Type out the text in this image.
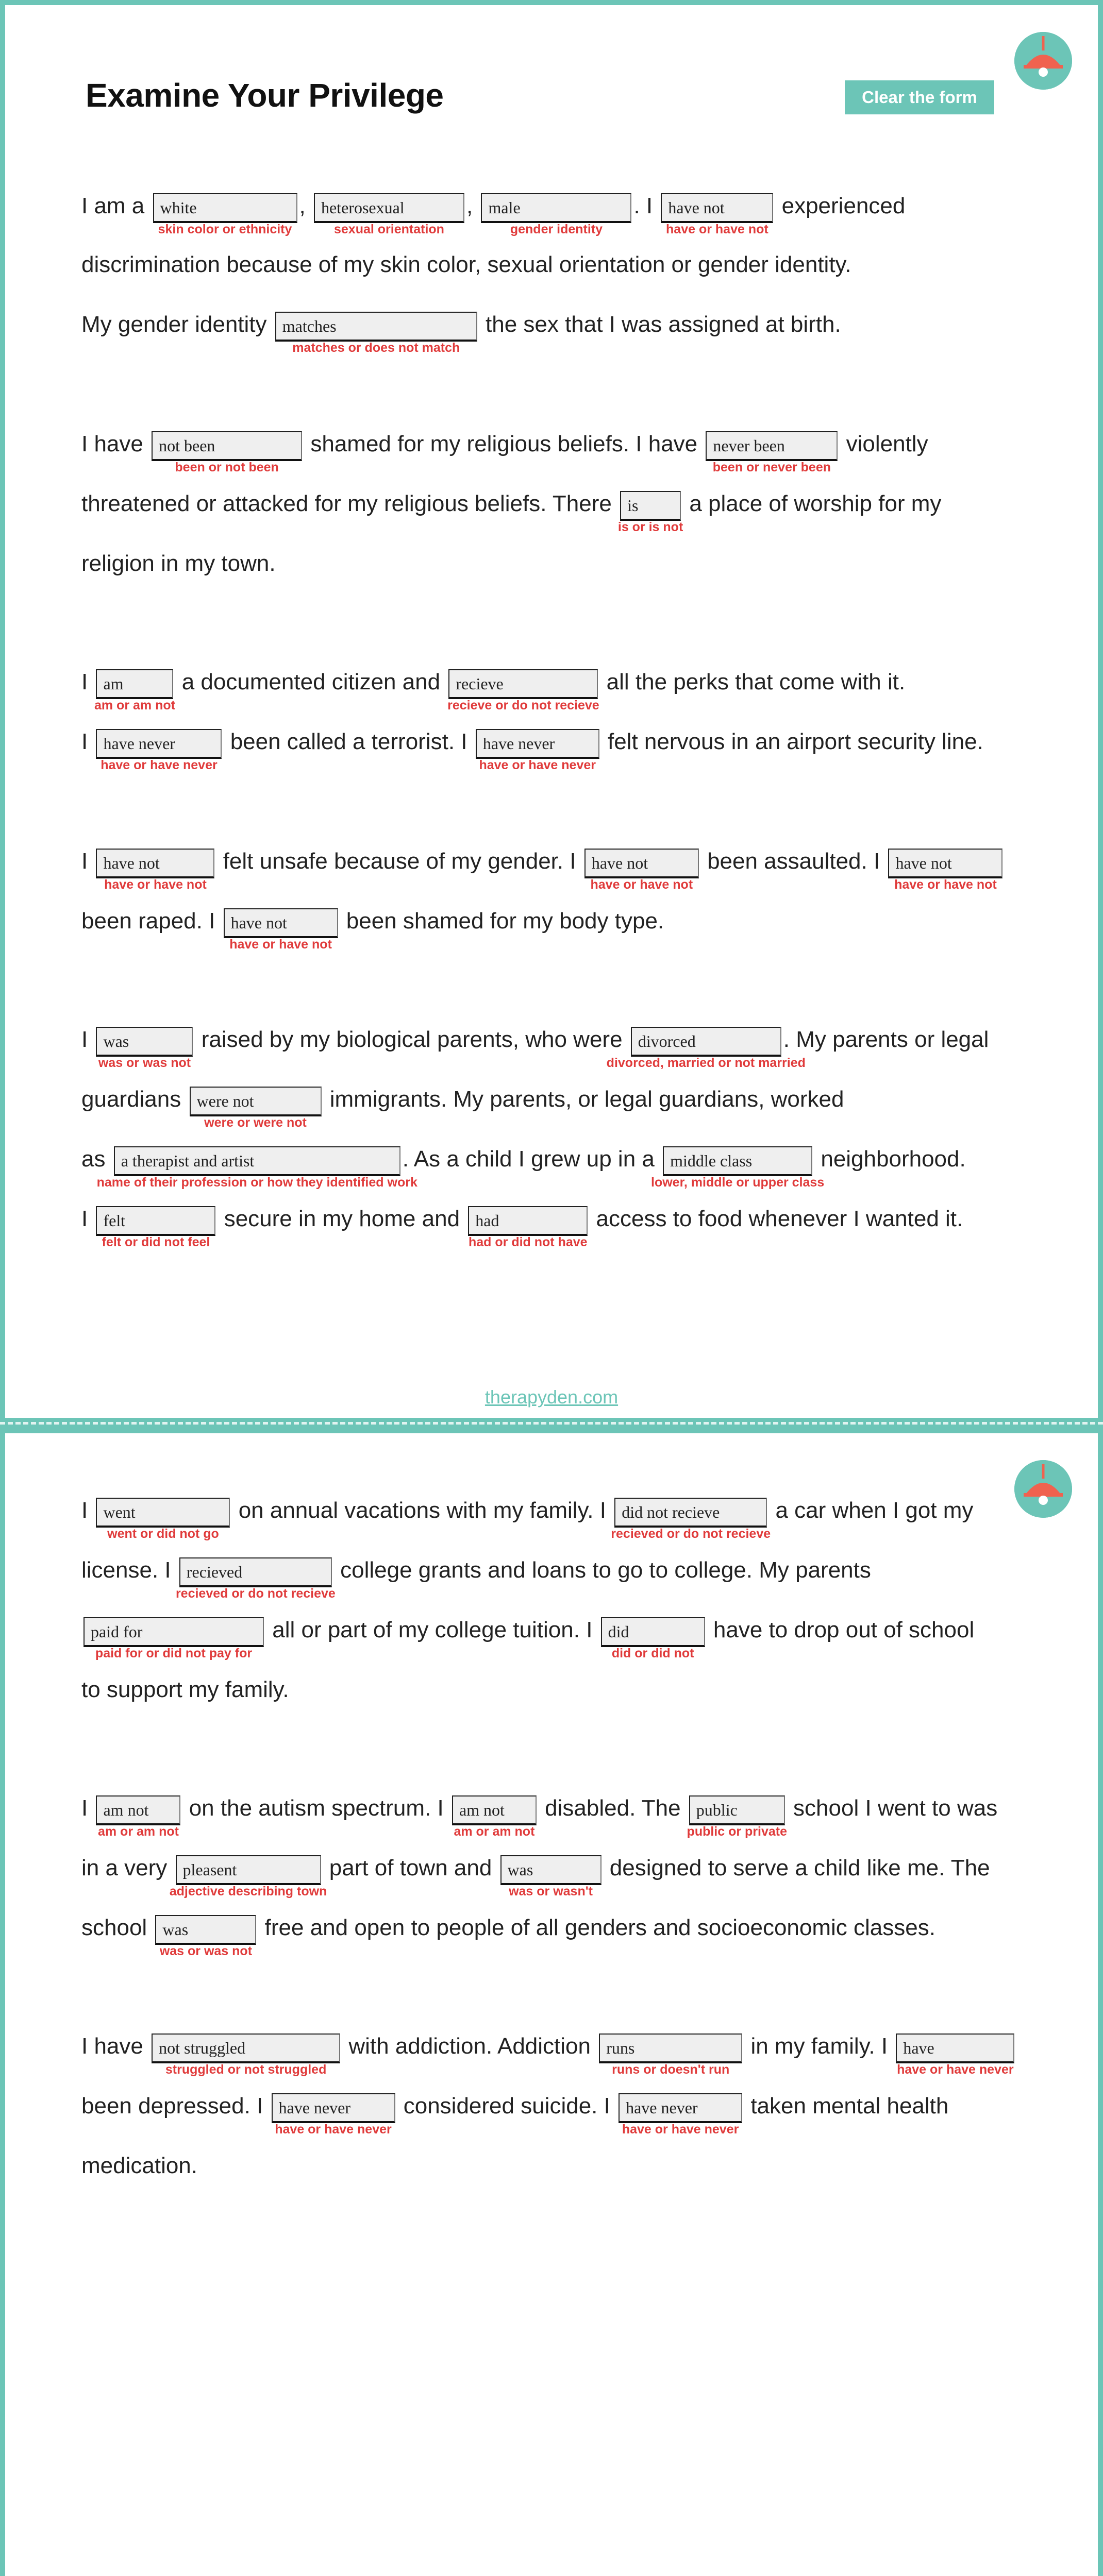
Examine Your Privilege	Clear the form
I am a white
skin color or ethnicity
, heterosexual
sexual orientation
, male
gender identity
. I have not
have or have not
experienced
discrimination because of my skin color, sexual orientation or gender identity.
My gender identity matches
matches or does not match
the sex that I was assigned at birth.
I have not been
been or not been
shamed for my religious beliefs. I have never been
been or never been
violently
threatened or attacked for my religious beliefs. There is
is or is not
a place of worship for my
religion in my town.
I am
am or am not
a documented citizen and recieve
recieve or do not recieve
all the perks that come with it.
I have never
have or have never
been called a terrorist. I have never
have or have never
felt nervous in an airport security line.
I have not
have or have not
felt unsafe because of my gender. I have not
have or have not
been assaulted. I have not
have or have not
been raped. I have not
have or have not
been shamed for my body type.
I was
was or was not
raised by my biological parents, who were divorced
divorced, married or not married
. My parents or legal
guardians were not
were or were not
immigrants. My parents, or legal guardians, worked
as a therapist and artist
name of their profession or how they identified work
. As a child I grew up in a middle class
lower, middle or upper class
neighborhood.
I felt
felt or did not feel
secure in my home and had
had or did not have
access to food whenever I wanted it.
therapyden.com
I went
went or did not go
on annual vacations with my family. I did not recieve
recieved or do not recieve
a car when I got my
license. I recieved
recieved or do not recieve
college grants and loans to go to college. My parents
paid for
paid for or did not pay for
all or part of my college tuition. I did
did or did not
have to drop out of school
to support my family.
I am not
am or am not
on the autism spectrum. I am not
am or am not
disabled. The public
public or private
school I went to was
in a very pleasent
adjective describing town
part of town and was
was or wasn't
designed to serve a child like me. The
school was
was or was not
free and open to people of all genders and socioeconomic classes.
I have not struggled
struggled or not struggled
with addiction. Addiction runs
runs or doesn't run
in my family. I have
have or have never
been depressed. I have never
have or have never
considered suicide. I have never
have or have never
taken mental health
medication.
